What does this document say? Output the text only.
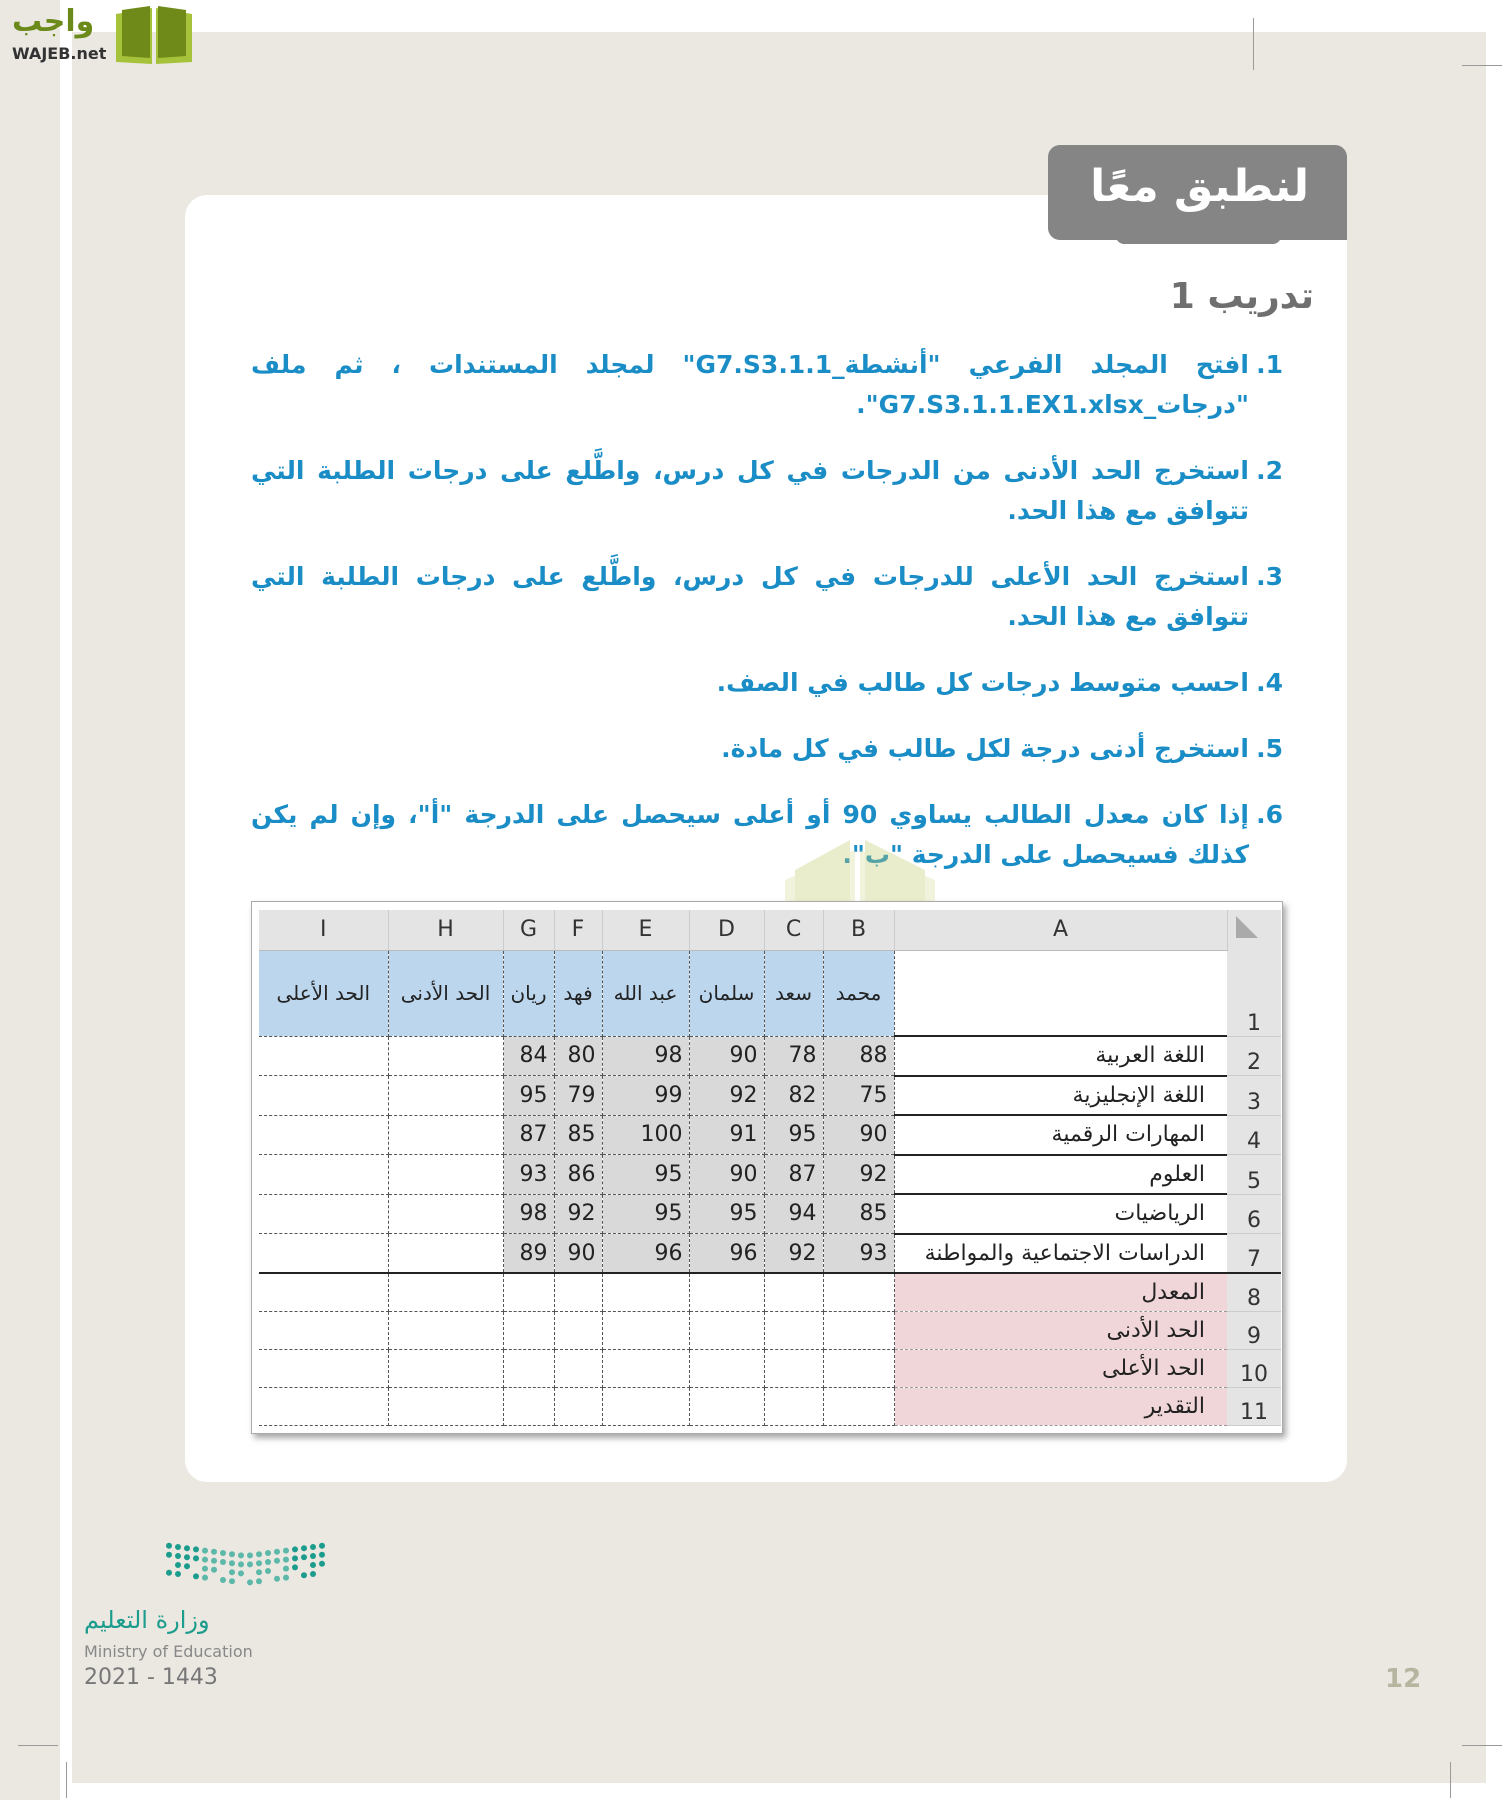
واجب
WAJEB.net
لنطبق معًا
تدريب 1
1.
افتح المجلد الفرعي "أنشطة_G7.S3.1.1" لمجلد المستندات ، ثم ملف "درجات_G7.S3.1.1.EX1.xlsx".
2.
استخرج الحد الأدنى من الدرجات في كل درس، واطَّلع على درجات الطلبة التي تتوافق مع هذا الحد.
3.
استخرج الحد الأعلى للدرجات في كل درس، واطَّلع على درجات الطلبة التي تتوافق مع هذا الحد.
4.
احسب متوسط درجات كل طالب في الصف.
5.
استخرج أدنى درجة لكل طالب في كل مادة.
6.
إذا كان معدل الطالب يساوي 90 أو أعلى سيحصل على الدرجة "أ"، وإن لم يكن كذلك فسيحصل على الدرجة "ب".
I	H	G	F	E	D	C	B	A	
الحد الأعلى	الحد الأدنى	ريان	فهد	عبد الله	سلمان	سعد	محمد		1
		84	80	98	90	78	88	اللغة العربية	2
		95	79	99	92	82	75	اللغة الإنجليزية	3
		87	85	100	91	95	90	المهارات الرقمية	4
		93	86	95	90	87	92	العلوم	5
		98	92	95	95	94	85	الرياضيات	6
		89	90	96	96	92	93	الدراسات الاجتماعية والمواطنة	7
								المعدل	8
								الحد الأدنى	9
								الحد الأعلى	10
								التقدير	11
وزارة التعليم
Ministry of Education
2021 - 1443	12
